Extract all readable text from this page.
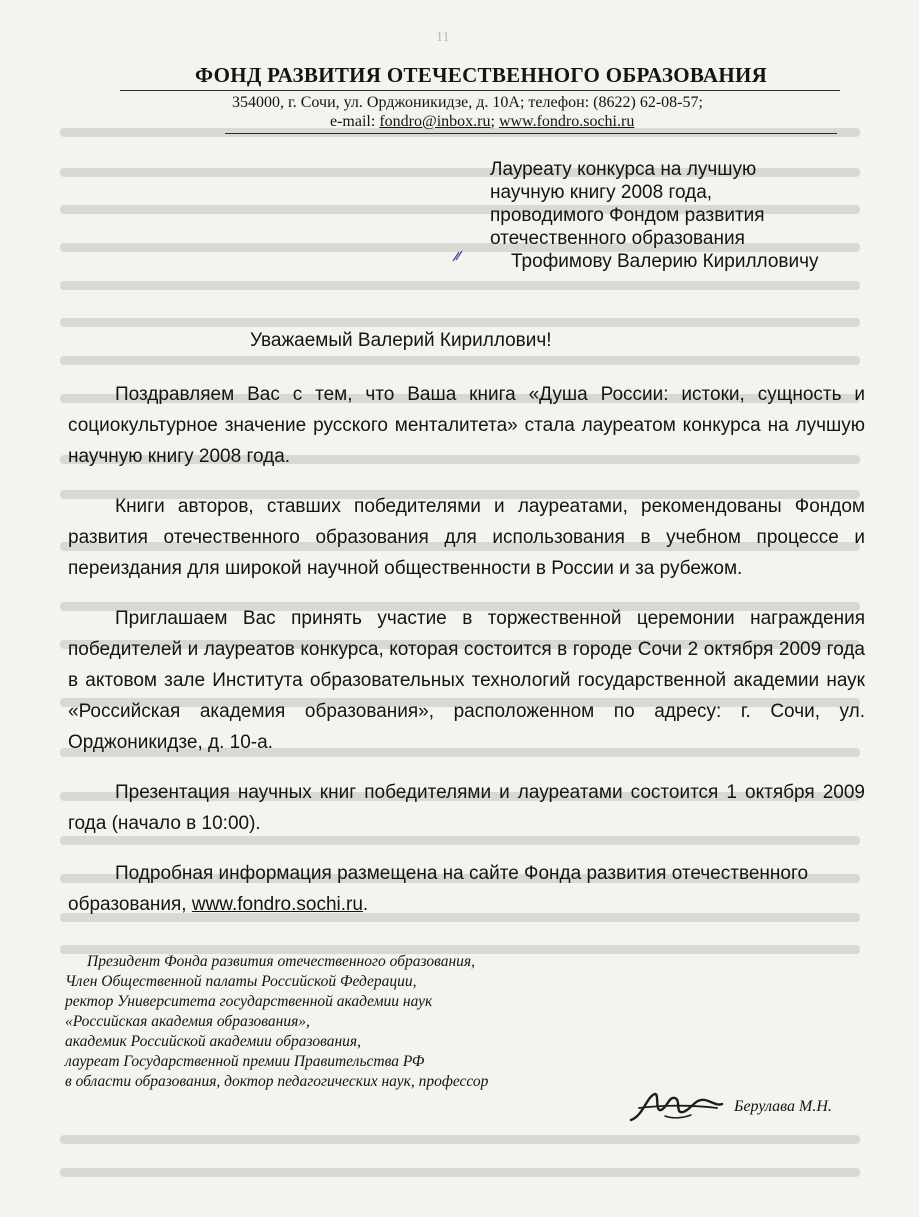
11
ФОНД РАЗВИТИЯ ОТЕЧЕСТВЕННОГО ОБРАЗОВАНИЯ
354000, г. Сочи, ул. Орджоникидзе, д. 10А; телефон: (8622) 62-08-57;
e-mail: fondro@inbox.ru; www.fondro.sochi.ru
Лауреату конкурса на лучшую
научную книгу 2008 года,
проводимого Фондом развития
отечественного образования
Трофимову Валерию Кирилловичу
Уважаемый Валерий Кириллович!

Поздравляем Вас с тем, что Ваша книга «Душа России: истоки, сущность и социокультурное значение русского менталитета» стала лауреатом конкурса на лучшую научную книгу 2008 года.

Книги авторов, ставших победителями и лауреатами, рекомендованы Фондом развития отечественного образования для использования в учебном процессе и переиздания для широкой научной общественности в России и за рубежом.

Приглашаем Вас принять участие в торжественной церемонии награждения победителей и лауреатов конкурса, которая состоится в городе Сочи 2 октября 2009 года в актовом зале Института образовательных технологий государственной академии наук «Российская академия образования», расположенном по адресу: г. Сочи, ул. Орджоникидзе, д. 10-а.

Презентация научных книг победителями и лауреатами состоится 1 октября 2009 года (начало в 10:00).

Подробная информация размещена на сайте Фонда развития отечественного образования, www.fondro.sochi.ru.

Президент Фонда развития отечественного образования,
Член Общественной палаты Российской Федерации,
ректор Университета государственной академии наук
«Российская академия образования»,
академик Российской академии образования,
лауреат Государственной премии Правительства РФ
в области образования, доктор педагогических наук, профессор
Берулава М.Н.
